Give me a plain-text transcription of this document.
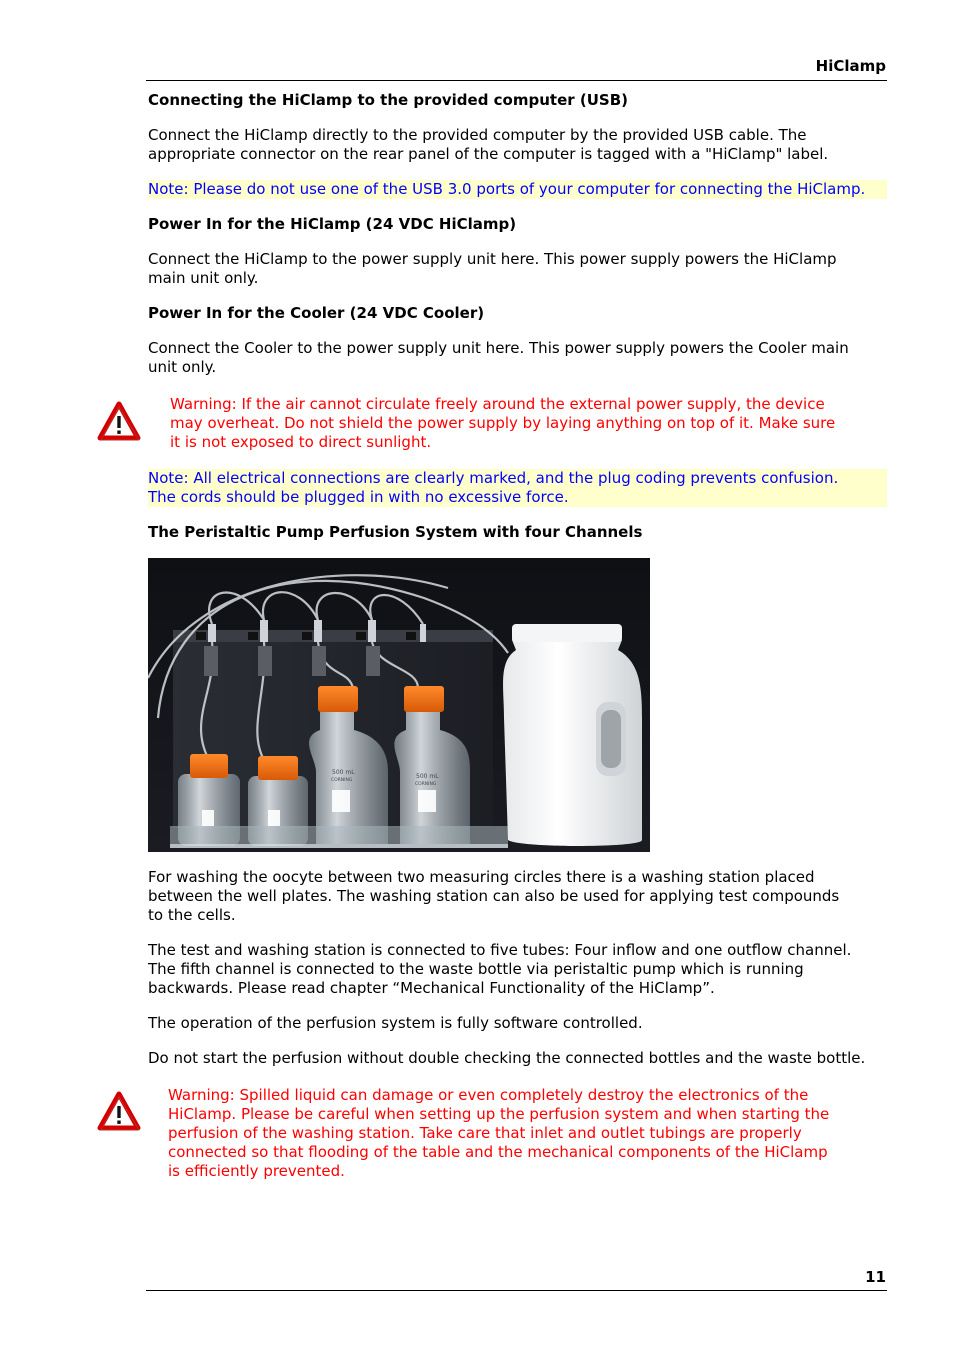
HiClamp
Connecting the HiClamp to the provided computer (USB)
Connect the HiClamp directly to the provided computer by the provided USB cable. The
appropriate connector on the rear panel of the computer is tagged with a "HiClamp" label.
Note: Please do not use one of the USB 3.0 ports of your computer for connecting the HiClamp.
Power In for the HiClamp (24 VDC HiClamp)
Connect the HiClamp to the power supply unit here. This power supply powers the HiClamp
main unit only.
Power In for the Cooler (24 VDC Cooler)
Connect the Cooler to the power supply unit here. This power supply powers the Cooler main
unit only.
Warning: If the air cannot circulate freely around the external power supply, the device
may overheat. Do not shield the power supply by laying anything on top of it. Make sure
it is not exposed to direct sunlight.
Note: All electrical connections are clearly marked, and the plug coding prevents confusion.
The cords should be plugged in with no excessive force.
The Peristaltic Pump Perfusion System with four Channels
500 mL
CORNING
500 mL
CORNING
For washing the oocyte between two measuring circles there is a washing station placed
between the well plates. The washing station can also be used for applying test compounds
to the cells.
The test and washing station is connected to five tubes: Four inflow and one outflow channel.
The fifth channel is connected to the waste bottle via peristaltic pump which is running
backwards. Please read chapter “Mechanical Functionality of the HiClamp”.
The operation of the perfusion system is fully software controlled.
Do not start the perfusion without double checking the connected bottles and the waste bottle.
Warning: Spilled liquid can damage or even completely destroy the electronics of the
HiClamp. Please be careful when setting up the perfusion system and when starting the
perfusion of the washing station. Take care that inlet and outlet tubings are properly
connected so that flooding of the table and the mechanical components of the HiClamp
is efficiently prevented.
11
